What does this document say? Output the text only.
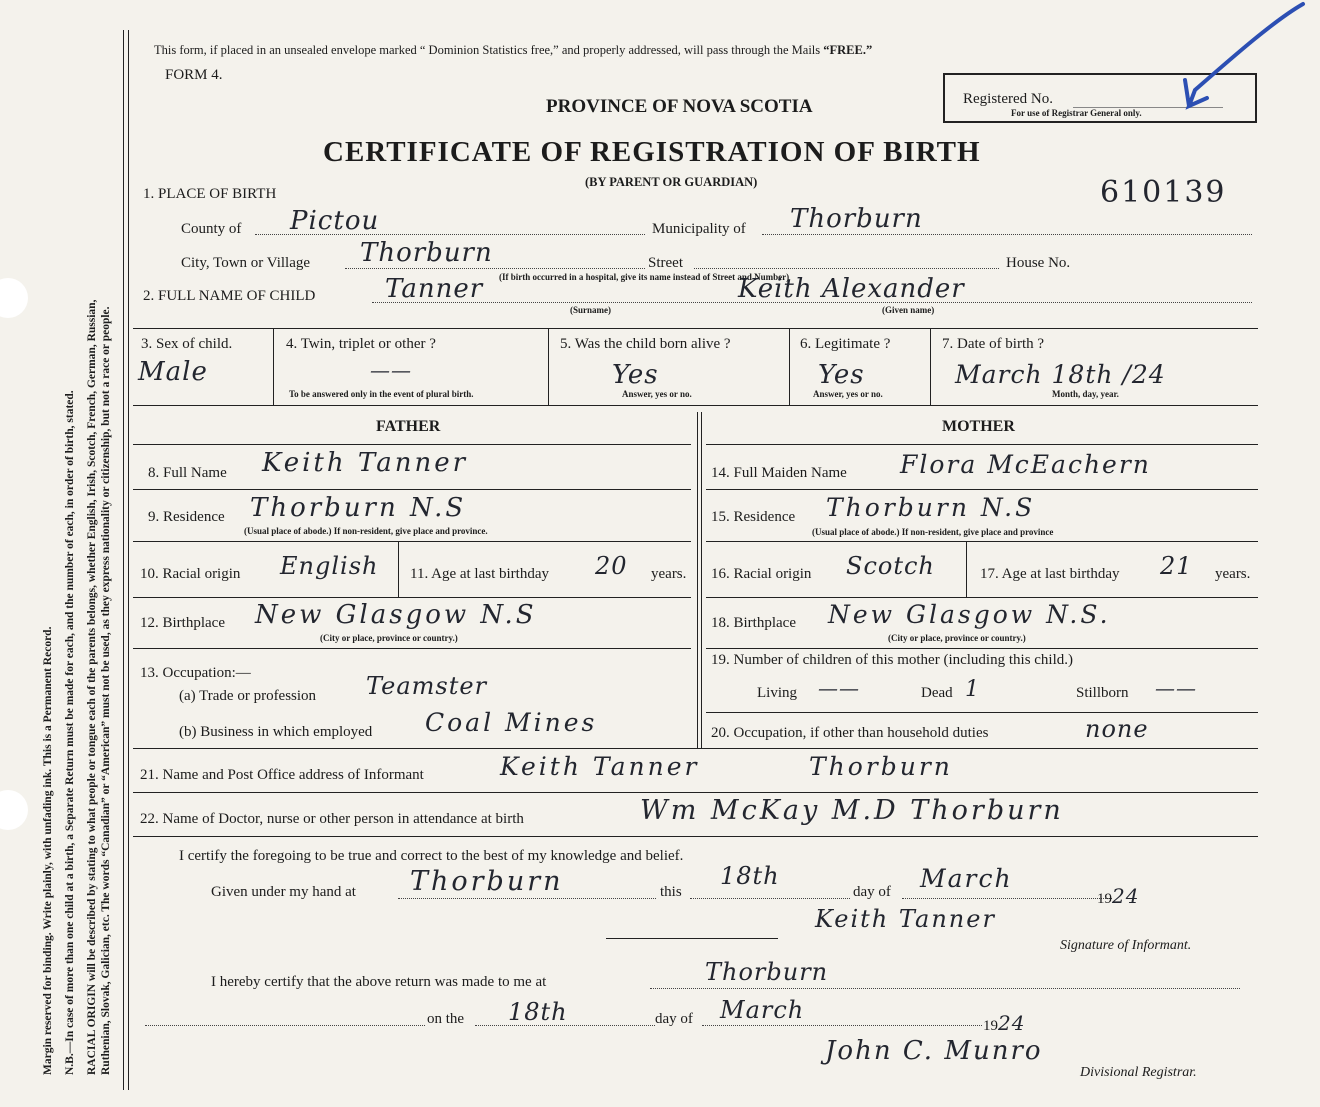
Margin reserved for binding. Write plainly, with unfading ink. This is a Permanent Record. N.B.—In case of more than one child at a birth, a Separate Return must be made for each, and the number of each, in order of birth, stated. RACIAL ORIGIN will be described by stating to what people or tongue each of the parents belongs, whether English, Irish, Scotch, French, German, Russian, Ruthenian, Slovak, Galician, etc. The words “Canadian” or “American” must not be used, as they express nationality or citizenship, but not a race or people.
This form, if placed in an unsealed envelope marked “ Dominion Statistics free,” and properly addressed, will pass through the Mails “FREE.”
FORM 4.
PROVINCE OF NOVA SCOTIA
CERTIFICATE OF REGISTRATION OF BIRTH
(BY PARENT OR GUARDIAN)
Registered No.
For use of Registrar General only.
610139
1. PLACE OF BIRTH
County of Pictou	Municipality of Thorburn
City, Town or Village Thorburn	Street	House No.
(If birth occurred in a hospital, give its name instead of Street and Number)
2. FULL NAME OF CHILD	Tanner	Keith Alexander
(Surname)	(Given name)
3. Sex of child.
Male
4. Twin, triplet or other ?
——
To be answered only in the event of plural birth.
5. Was the child born alive ?
Yes
Answer, yes or no.
6. Legitimate ?
Yes
Answer, yes or no.
7. Date of birth ?
March 18th /24
Month, day, year.
FATHER	MOTHER
8. Full Name Keith Tanner
9. Residence Thorburn N.S
(Usual place of abode.) If non-resident, give place and province.
10. Racial origin English 11. Age at last birthday 20 years.
12. Birthplace New Glasgow N.S
(City or place, province or country.)
13. Occupation:—
(a) Trade or profession Teamster
(b) Business in which employed Coal Mines
14. Full Maiden Name Flora McEachern
15. Residence Thorburn N.S
(Usual place of abode.) If non-resident, give place and province
16. Racial origin Scotch	17. Age at last birthday 21 years.
18. Birthplace New Glasgow N.S.
(City or place, province or country.)
19. Number of children of this mother (including this child.)
Living ——	Dead 1	Stillborn ——
20. Occupation, if other than household duties	none
21. Name and Post Office address of Informant	Keith Tanner          Thorburn
22. Name of Doctor, nurse or other person in attendance at birth	Wm McKay M.D Thorburn
I certify the foregoing to be true and correct to the best of my knowledge and belief.
Given under my hand at Thorburn	this
18th
day of March
1924
Keith Tanner
Signature of Informant.
I hereby certify that the above return was made to me at	Thorburn
on the 18th	day of March
1924
John C. Munro
Divisional Registrar.
